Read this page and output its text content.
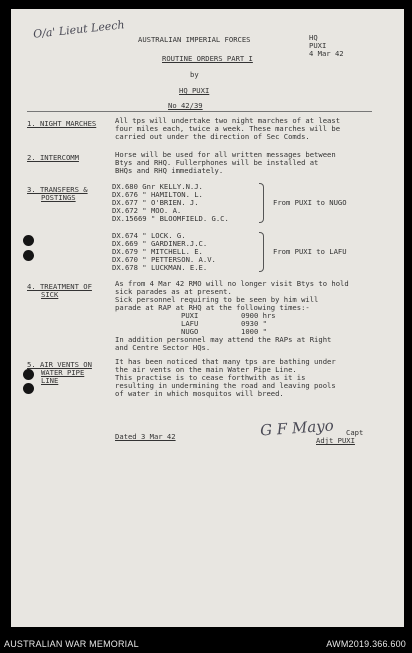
O/a' Lieut Leech AUSTRALIAN IMPERIAL FORCES
ROUTINE ORDERS PART I
by
HQ PUXI
No 42/39
HQ
PUXI
4 Mar 42
1. NIGHT MARCHES	All tps will undertake two night marches of at least
four miles each, twice a week. These marches will be
carried out under the direction of Sec Comds.
2. INTERCOMM	Horse will be used for all written messages between
Btys and RHQ. Fullerphones will be installed at
BHQs and RHQ immediately.
3. TRANSFERS &
POSTINGS
DX.680 Gnr KELLY.N.J.
DX.676 " HAMILTON. L.
DX.677 " O'BRIEN. J.
DX.672 " MOO. A.
DX.15669 " BLOOMFIELD. G.C.
From PUXI to NUGO
DX.674 " LOCK. G.
DX.669 " GARDINER.J.C.
DX.679 " MITCHELL. E.
DX.670 " PETTERSON. A.V.
DX.678 " LUCKMAN. E.E.
From PUXI to LAFU
4. TREATMENT OF
SICK
As from 4 Mar 42 RMO will no longer visit Btys to hold
sick parades as at present.
Sick personnel requiring to be seen by him will
parade at RAP at RHQ at the following times:-
PUXI	0900 hrs
LAFU	0930 "
NUGO	1000 "
In addition personnel may attend the RAPs at Right
and Centre Sector HQs.
5. AIR VENTS ON
WATER PIPE
LINE
It has been noticed that many tps are bathing under
the air vents on the main Water Pipe Line.
This practise is to cease forthwith as it is
resulting in undermining the road and leaving pools
of water in which mosquitos will breed.
Dated 3 Mar 42	G F Mayo Capt
Adjt PUXI
AUSTRALIAN WAR MEMORIAL	AWM2019.366.600
